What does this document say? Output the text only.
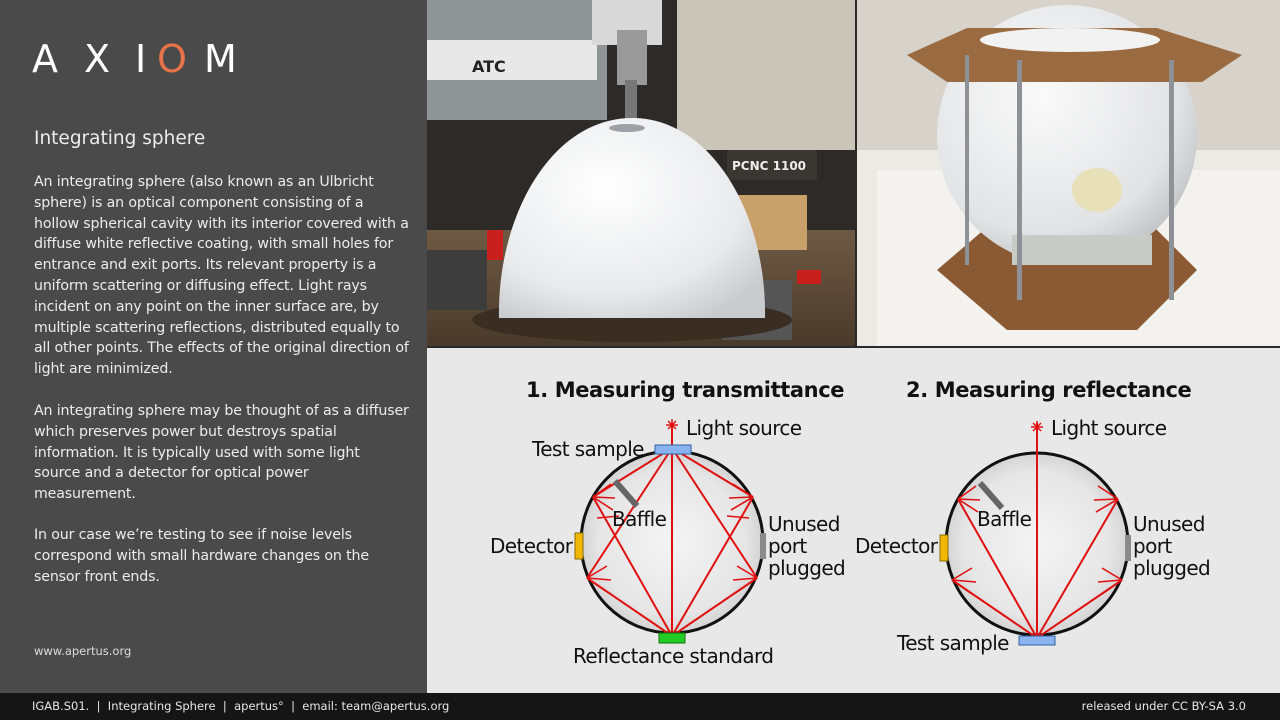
A X I O M
Integrating sphere

An integrating sphere (also known as an Ulbricht sphere) is an optical component consisting of a hollow spherical cavity with its interior covered with a diffuse white reflective coating, with small holes for entrance and exit ports. Its relevant property is a uniform scattering or diffusing effect. Light rays incident on any point on the inner surface are, by multiple scattering reflections, distributed equally to all other points. The effects of the original direction of light are minimized.

An integrating sphere may be thought of as a diffuser which preserves power but destroys spatial information. It is typically used with some light source and a detector for optical power measurement.

In our case we’re testing to see if noise levels correspond with small hardware changes on the sensor front ends.

www.apertus.org
ATC
PCNC 1100
1. Measuring transmittance
Light source
Test sample
Baffle
Detector
Unused
port
plugged
Reflectance standard
2. Measuring reflectance
Light source
Baffle
Detector
Unused
port
plugged
Test sample
IGAB.S01.  |  Integrating Sphere  |  apertus°  |  email: team@apertus.org	released under CC BY-SA 3.0
